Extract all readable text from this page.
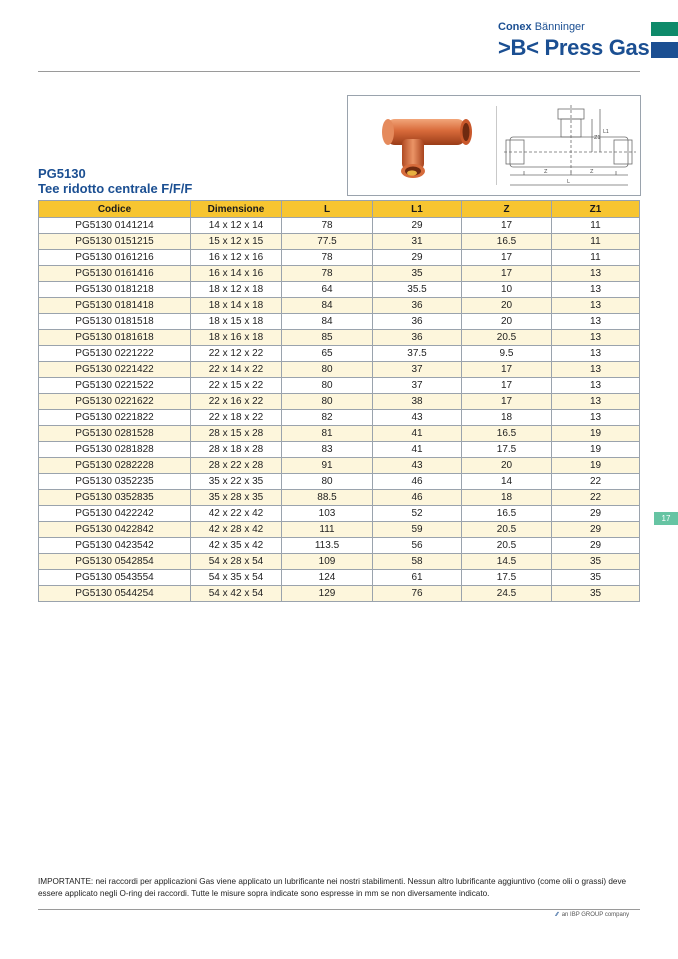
Conex Bänninger
>B< Press Gas
L1
Z1
Z	Z
L
PG5130
Tee ridotto centrale F/F/F
Codice	Dimensione	L	L1	Z	Z1
PG5130 0141214	14 x 12 x 14	78	29	17	11
PG5130 0151215	15 x 12 x 15	77.5	31	16.5	11
PG5130 0161216	16 x 12 x 16	78	29	17	11
PG5130 0161416	16 x 14 x 16	78	35	17	13
PG5130 0181218	18 x 12 x 18	64	35.5	10	13
PG5130 0181418	18 x 14 x 18	84	36	20	13
PG5130 0181518	18 x 15 x 18	84	36	20	13
PG5130 0181618	18 x 16 x 18	85	36	20.5	13
PG5130 0221222	22 x 12 x 22	65	37.5	9.5	13
PG5130 0221422	22 x 14 x 22	80	37	17	13
PG5130 0221522	22 x 15 x 22	80	37	17	13
PG5130 0221622	22 x 16 x 22	80	38	17	13
PG5130 0221822	22 x 18 x 22	82	43	18	13
PG5130 0281528	28 x 15 x 28	81	41	16.5	19
PG5130 0281828	28 x 18 x 28	83	41	17.5	19
PG5130 0282228	28 x 22 x 28	91	43	20	19
PG5130 0352235	35 x 22 x 35	80	46	14	22
PG5130 0352835	35 x 28 x 35	88.5	46	18	22
PG5130 0422242	42 x 22 x 42	103	52	16.5	29
PG5130 0422842	42 x 28 x 42	111	59	20.5	29
PG5130 0423542	42 x 35 x 42	113.5	56	20.5	29
PG5130 0542854	54 x 28 x 54	109	58	14.5	35
PG5130 0543554	54 x 35 x 54	124	61	17.5	35
PG5130 0544254	54 x 42 x 54	129	76	24.5	35
17
IMPORTANTE: nei raccordi per applicazioni Gas viene applicato un lubrificante nei nostri stabilimenti. Nessun altro lubrificante aggiuntivo (come olii o grassi) deve essere applicato negli O-ring dei raccordi. Tutte le misure sopra indicate sono espresse in mm se non diversamente indicato.
∕∕ an IBP GROUP company
